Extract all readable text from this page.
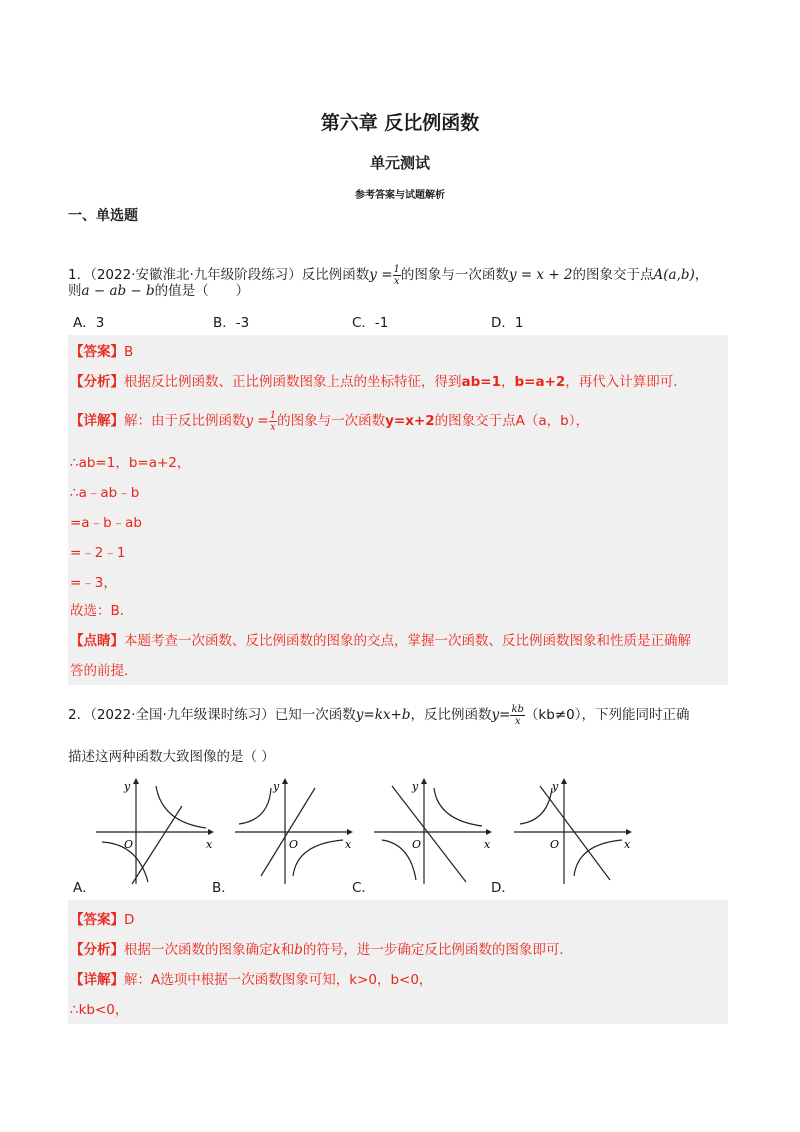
第六章 反比例函数
单元测试
参考答案与试题解析
一、单选题
1．（2022·安徽淮北·九年级阶段练习）反比例函数$y = \frac{1}{x}$ 的图象与一次函数y = x + 2的图象交于点A(a,b)，
则a − ab − b的值是（　　）
A．3	B．-3	C．-1	D．1
【答案】B
【分析】根据反比例函数、正比例函数图象上点的坐标特征，得到ab=1，b=a+2，再代入计算即可．
【详解】解：由于反比例函数$y = \frac{1}{x}$ 的图象与一次函数y=x+2的图象交于点A（a，b），
∴ab=1，b=a+2，
∴a﹣ab﹣b
=a﹣b﹣ab
=﹣2﹣1
=﹣3，
故选：B．
【点睛】本题考查一次函数、反比例函数的图象的交点，掌握一次函数、反比例函数图象和性质是正确解
答的前提．
2．（2022·全国·九年级课时练习）已知一次函数y=kx+b，反比例函数$y= \frac{kb}{x} (kb\ne 0)$，下列能同时正确
描述这两种函数大致图像的是（ ）
x
y
O	x
y
O	x
y
O	x
y
O
A．	B．	C．	D．
【答案】D
【分析】根据一次函数的图象确定k和b的符号，进一步确定反比例函数的图象即可．
【详解】解：A选项中根据一次函数图象可知，k>0，b<0，
∴kb<0，
